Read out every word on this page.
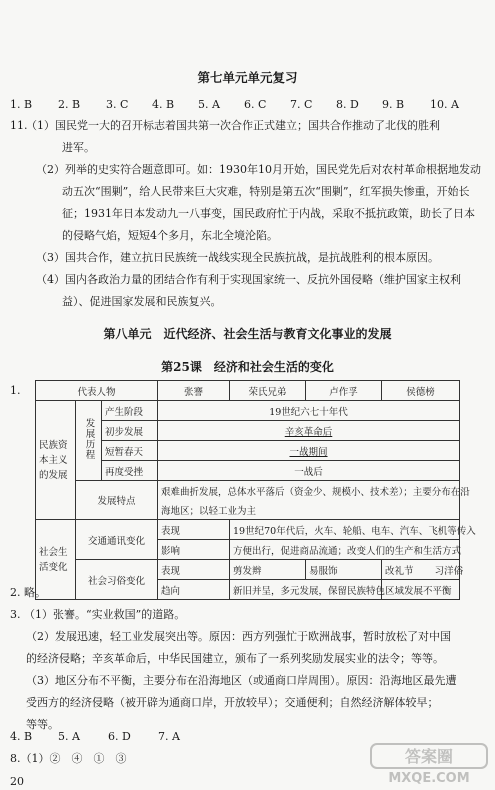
第七单元单元复习
1. B 2. B 3. C 4. B 5. A 6. C 7. C 8. D 9. B 10. A
11.
（1）国民党一大的召开标志着国共第一次合作正式建立；国共合作推动了北伐的胜利
进军。
（2）列举的史实符合题意即可。如：1930年10月开始，国民党先后对农村革命根据地发动
动五次“围剿”，给人民带来巨大灾难，特别是第五次“围剿”，红军损失惨重，开始长
征；1931年日本发动九一八事变，国民政府忙于内战，采取不抵抗政策，助长了日本
的侵略气焰，短短4个多月，东北全境沦陷。
（3）国共合作，建立抗日民族统一战线实现全民族抗战，是抗战胜利的根本原因。
（4）国内各政治力量的团结合作有利于实现国家统一、反抗外国侵略（维护国家主权利
益）、促进国家发展和民族复兴。
第八单元　近代经济、社会生活与教育文化事业的发展
第25课　经济和社会生活的变化
1.	代表人物			张謇	荣氏兄弟	卢作孚	侯德榜
民族资本主义的发展	发展历程	产生阶段	19世纪六七十年代			
		初步发展	辛亥革命后			
		短暂春天	一战期间			
		再度受挫	一战后			
	发展特点		艰难曲折发展，总体水平落后（资金少、规模小、技术差）；主要分布在沿			
			海地区；以轻工业为主			
社会生活变化	交通通讯变化		表现	19世纪70年代后，火车、轮船、电车、汽车、飞机等传入		
			影响	方便出行，促进商品流通；改变人们的生产和生活方式		
	社会习俗变化		表现	剪发辫	易服饰	改礼节 习洋俗
			趋向	新旧并呈，多元发展，保留民族特色		区域发展不平衡
2. 略。
3. （1）张謇。“实业救国”的道路。
（2）发展迅速，轻工业发展突出等。原因：西方列强忙于欧洲战事，暂时放松了对中国
的经济侵略；辛亥革命后，中华民国建立，颁布了一系列奖励发展实业的法令；等等。
（3）地区分布不平衡，主要分布在沿海地区（或通商口岸周围）。原因：沿海地区最先遭
受西方的经济侵略（被开辟为通商口岸，开放较早）；交通便利；自然经济解体较早；
等等。
4. B 5. A	6. D 7. A
8.（1）②　④　①　③
20
答案圈
MXQE.COM
